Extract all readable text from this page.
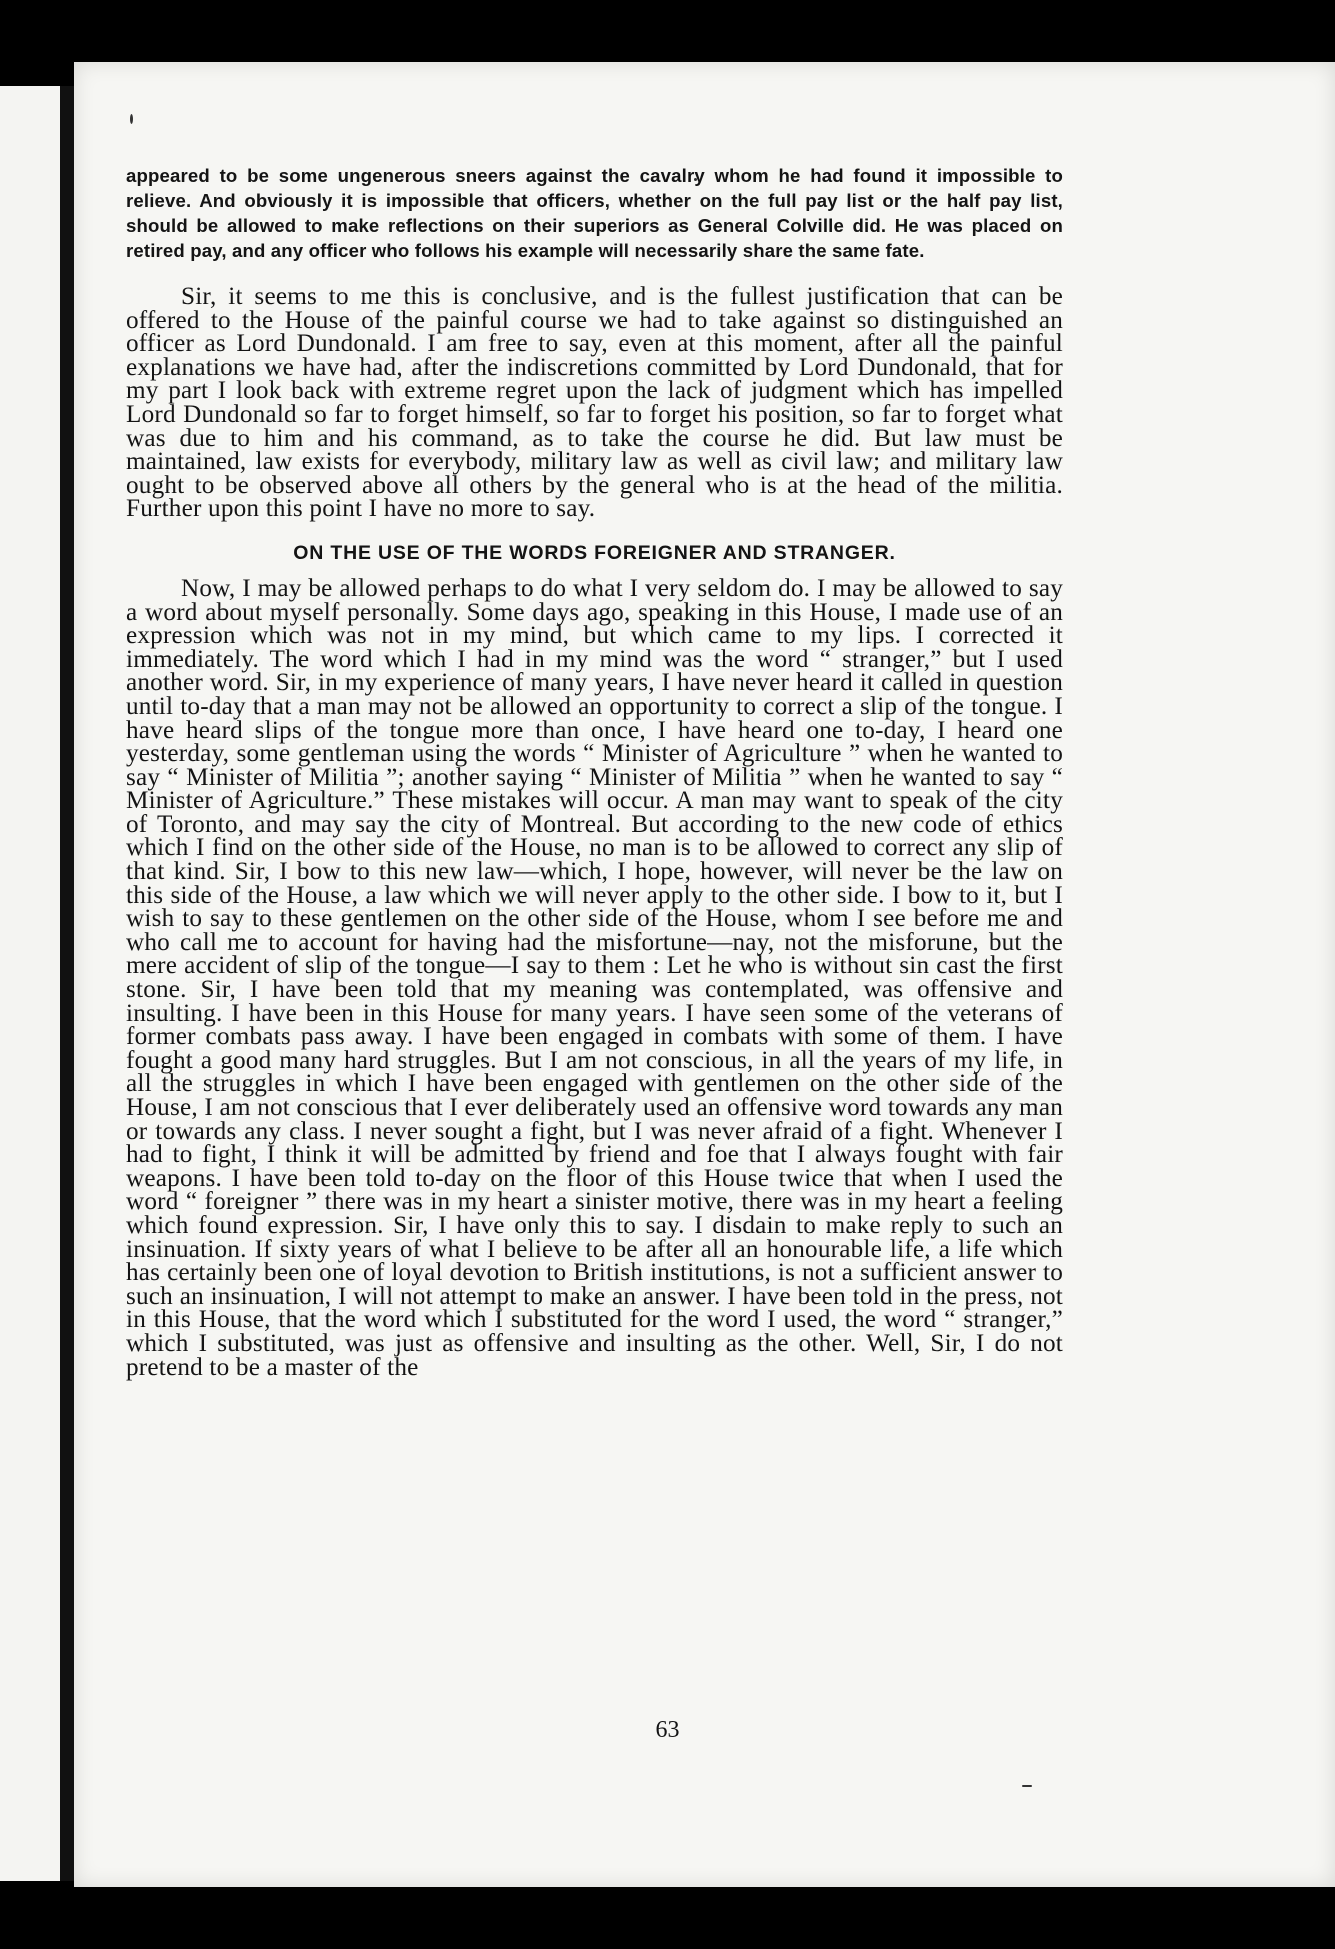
appeared to be some ungenerous sneers against the cavalry whom he had found it impossible to relieve. And obviously it is impossible that officers, whether on the full pay list or the half pay list, should be allowed to make reflections on their superiors as General Colville did. He was placed on retired pay, and any officer who follows his example will necessarily share the same fate.

Sir, it seems to me this is conclusive, and is the fullest justification that can be offered to the House of the painful course we had to take against so distinguished an officer as Lord Dundonald. I am free to say, even at this moment, after all the painful explanations we have had, after the indiscretions committed by Lord Dundonald, that for my part I look back with extreme regret upon the lack of judgment which has impelled Lord Dundonald so far to forget himself, so far to forget his position, so far to forget what was due to him and his command, as to take the course he did. But law must be maintained, law exists for everybody, military law as well as civil law; and military law ought to be observed above all others by the general who is at the head of the militia. Further upon this point I have no more to say.

ON THE USE OF THE WORDS FOREIGNER AND STRANGER.

Now, I may be allowed perhaps to do what I very seldom do. I may be allowed to say a word about myself personally. Some days ago, speaking in this House, I made use of an expression which was not in my mind, but which came to my lips. I corrected it immediately. The word which I had in my mind was the word “ stranger,” but I used another word. Sir, in my experience of many years, I have never heard it called in question until to-day that a man may not be allowed an opportunity to correct a slip of the tongue. I have heard slips of the tongue more than once, I have heard one to-day, I heard one yesterday, some gentleman using the words “ Minister of Agriculture ” when he wanted to say “ Minister of Militia ”; another saying “ Minister of Militia ” when he wanted to say “ Minister of Agriculture.” These mistakes will occur. A man may want to speak of the city of Toronto, and may say the city of Montreal. But according to the new code of ethics which I find on the other side of the House, no man is to be allowed to correct any slip of that kind. Sir, I bow to this new law—which, I hope, however, will never be the law on this side of the House, a law which we will never apply to the other side. I bow to it, but I wish to say to these gentlemen on the other side of the House, whom I see before me and who call me to account for having had the misfortune—nay, not the misforune, but the mere accident of slip of the tongue—I say to them : Let he who is without sin cast the first stone. Sir, I have been told that my meaning was contemplated, was offensive and insulting. I have been in this House for many years. I have seen some of the veterans of former combats pass away. I have been engaged in combats with some of them. I have fought a good many hard struggles. But I am not conscious, in all the years of my life, in all the struggles in which I have been engaged with gentlemen on the other side of the House, I am not conscious that I ever deliberately used an offensive word towards any man or towards any class. I never sought a fight, but I was never afraid of a fight. Whenever I had to fight, I think it will be admitted by friend and foe that I always fought with fair weapons. I have been told to-day on the floor of this House twice that when I used the word “ foreigner ” there was in my heart a sinister motive, there was in my heart a feeling which found expression. Sir, I have only this to say. I disdain to make reply to such an insinuation. If sixty years of what I believe to be after all an honourable life, a life which has certainly been one of loyal devotion to British institutions, is not a sufficient answer to such an insinuation, I will not attempt to make an answer. I have been told in the press, not in this House, that the word which I substituted for the word I used, the word “ stranger,” which I substituted, was just as offensive and insulting as the other. Well, Sir, I do not pretend to be a master of the

63
